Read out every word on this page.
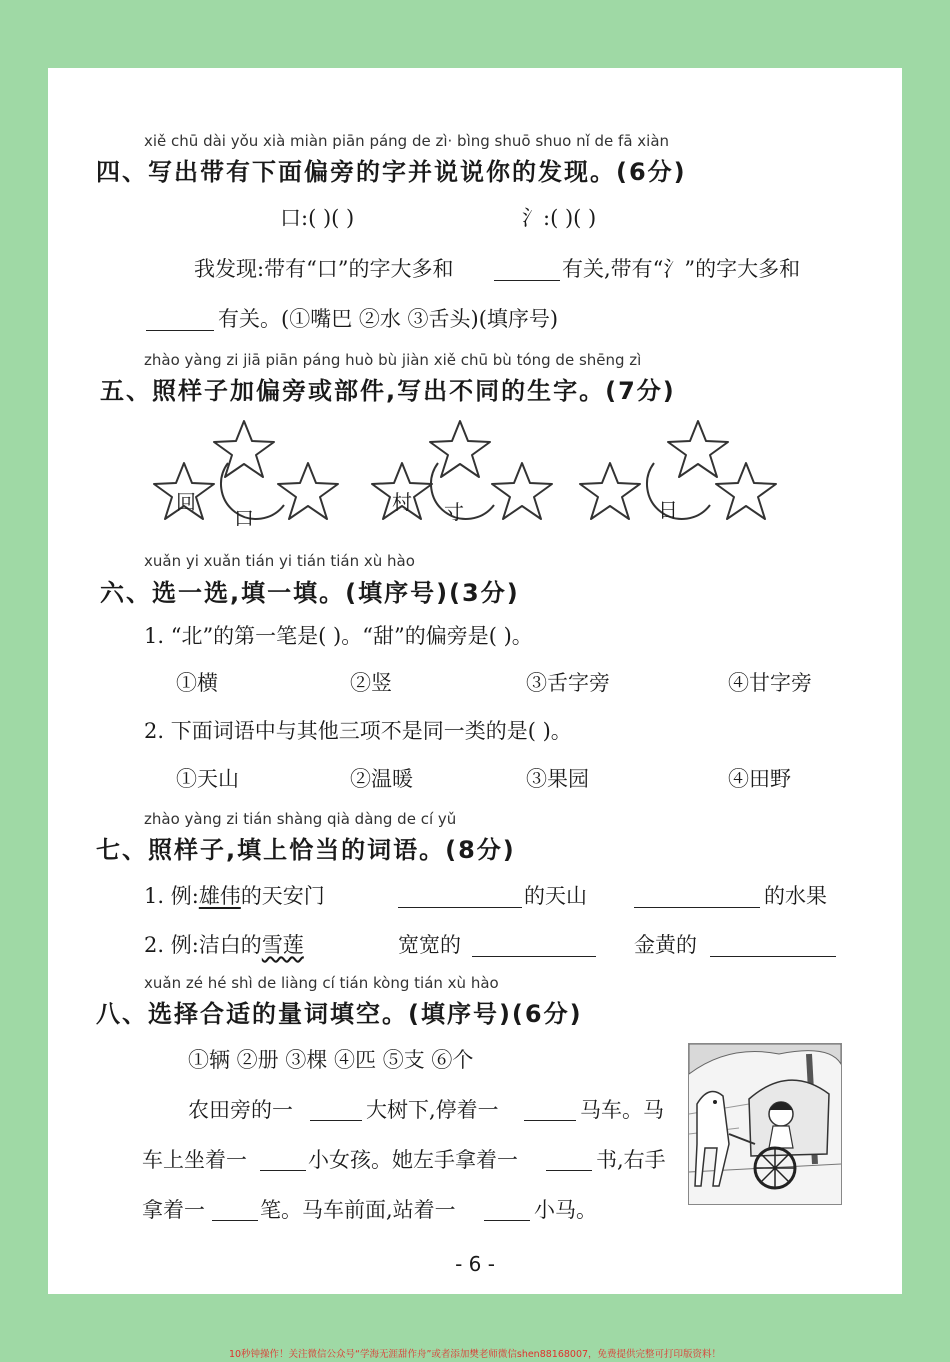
xiě chū dài yǒu xià miàn piān páng de zì· bìng shuō shuo nǐ de fā xiàn
四、写出带有下面偏旁的字并说说你的发现。(6分)
口:( )( )	氵:( )( )
我发现:带有“口”的字大多和	有关,带有“氵”的字大多和
有关。(①嘴巴 ②水 ③舌头)(填序号)
zhào yàng zi jiā piān páng huò bù jiàn xiě chū bù tóng de shēng zì
五、照样子加偏旁或部件,写出不同的生字。(7分)
回
口
村 寸	日
xuǎn yi xuǎn tián yi tián tián xù hào
六、选一选,填一填。(填序号)(3分)
1. “北”的第一笔是( )。“甜”的偏旁是( )。
①横	②竖	③舌字旁	④甘字旁
2. 下面词语中与其他三项不是同一类的是( )。
①天山	②温暖	③果园	④田野
zhào yàng zi tián shàng qià dàng de cí yǔ
七、照样子,填上恰当的词语。(8分)
1. 例:雄伟的天安门	的天山	的水果
2. 例:洁白的雪莲	宽宽的	金黄的
xuǎn zé hé shì de liàng cí tián kòng tián xù hào
八、选择合适的量词填空。(填序号)(6分)
①辆 ②册 ③棵 ④匹 ⑤支 ⑥个
农田旁的一	大树下,停着一	马车。马
车上坐着一	小女孩。她左手拿着一	书,右手
拿着一	笔。马车前面,站着一	小马。
- 6 -
10秒钟操作！关注微信公众号“学海无涯甜作舟”或者添加樊老师微信shen88168007，免费提供完整可打印版资料！
